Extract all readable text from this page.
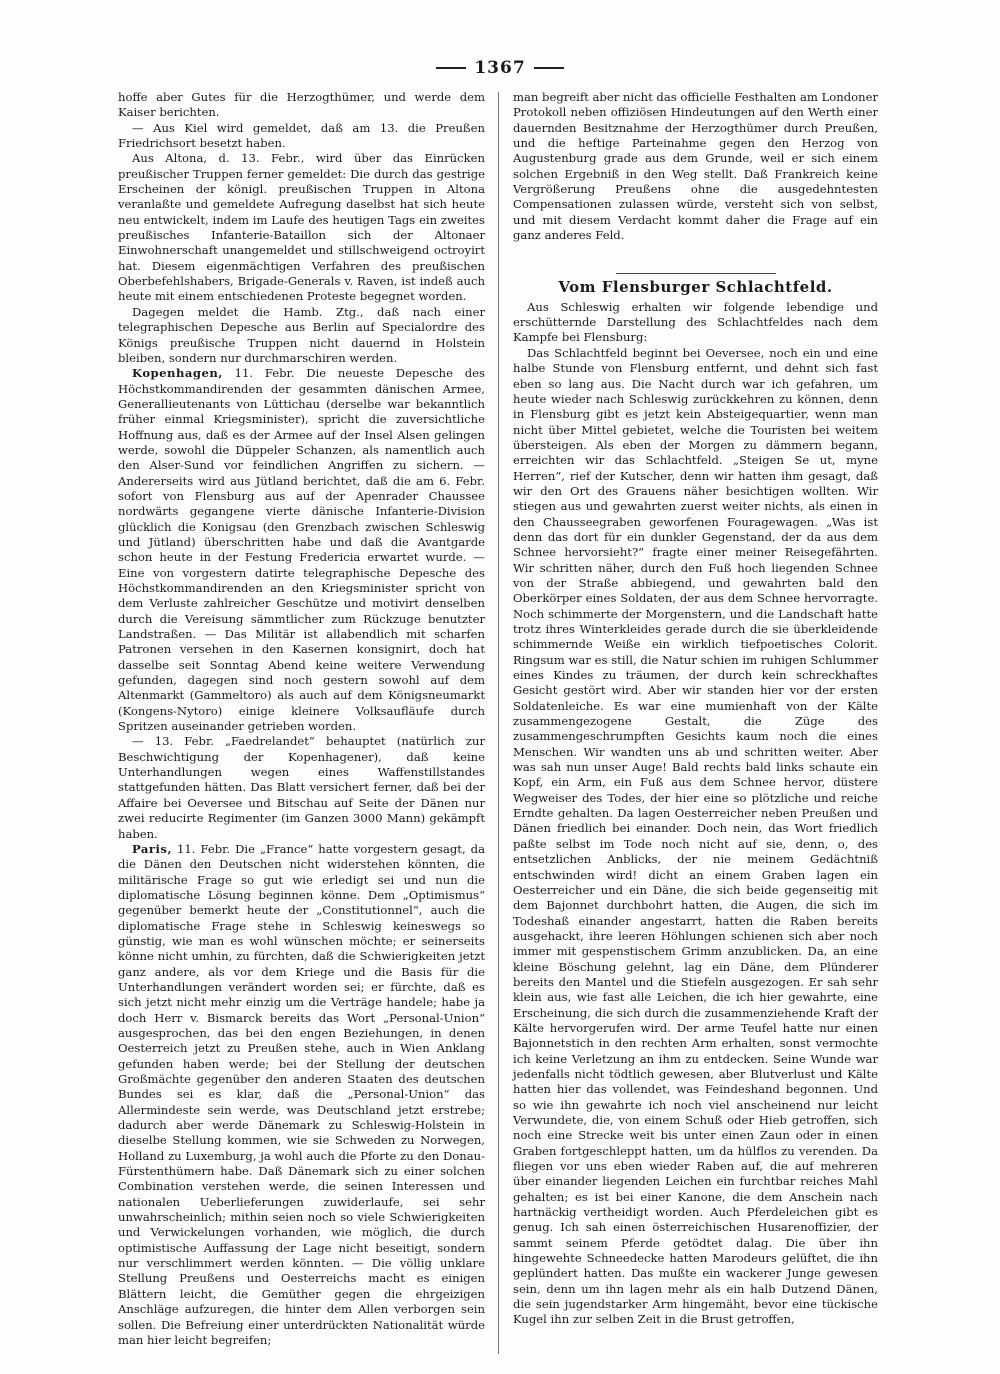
1367

hoffe aber Gutes für die Herzogthümer, und werde dem Kaiser berichten.

— Aus Kiel wird gemeldet, daß am 13. die Preußen Friedrichsort besetzt haben.

Aus Altona, d. 13. Febr., wird über das Einrücken preußischer Truppen ferner gemeldet: Die durch das gestrige Erscheinen der königl. preußischen Truppen in Altona veranlaßte und gemeldete Aufregung daselbst hat sich heute neu entwickelt, indem im Laufe des heutigen Tags ein zweites preußisches Infanterie-Bataillon sich der Altonaer Einwohnerschaft unangemeldet und stillschweigend octroyirt hat. Diesem eigenmächtigen Verfahren des preußischen Oberbefehlshabers, Brigade-Generals v. Raven, ist indeß auch heute mit einem entschiedenen Proteste begegnet worden.

Dagegen meldet die Hamb. Ztg., daß nach einer telegraphischen Depesche aus Berlin auf Specialordre des Königs preußische Truppen nicht dauernd in Holstein bleiben, sondern nur durchmarschiren werden.

Kopenhagen, 11. Febr. Die neueste Depesche des Höchstkommandirenden der gesammten dänischen Armee, Generallieutenants von Lüttichau (derselbe war bekanntlich früher einmal Kriegsminister), spricht die zuversichtliche Hoffnung aus, daß es der Armee auf der Insel Alsen gelingen werde, sowohl die Düppeler Schanzen, als namentlich auch den Alser-Sund vor feindlichen Angriffen zu sichern. — Andererseits wird aus Jütland berichtet, daß die am 6. Febr. sofort von Flensburg aus auf der Apenrader Chaussee nordwärts gegangene vierte dänische Infanterie-Division glücklich die Konigsau (den Grenzbach zwischen Schleswig und Jütland) überschritten habe und daß die Avantgarde schon heute in der Festung Fredericia erwartet wurde. — Eine von vorgestern datirte telegraphische Depesche des Höchstkommandirenden an den Kriegsminister spricht von dem Verluste zahlreicher Geschütze und motivirt denselben durch die Vereisung sämmtlicher zum Rückzuge benutzter Landstraßen. — Das Militär ist allabendlich mit scharfen Patronen versehen in den Kasernen konsignirt, doch hat dasselbe seit Sonntag Abend keine weitere Verwendung gefunden, dagegen sind noch gestern sowohl auf dem Altenmarkt (Gammeltoro) als auch auf dem Königsneumarkt (Kongens-Nytoro) einige kleinere Volksaufläufe durch Spritzen auseinander getrieben worden.

— 13. Febr. „Faedrelandet“ behauptet (natürlich zur Beschwichtigung der Kopenhagener), daß keine Unterhandlungen wegen eines Waffenstillstandes stattgefunden hätten. Das Blatt versichert ferner, daß bei der Affaire bei Oeversee und Bitschau auf Seite der Dänen nur zwei reducirte Regimenter (im Ganzen 3000 Mann) gekämpft haben.

Paris, 11. Febr. Die „France“ hatte vorgestern gesagt, da die Dänen den Deutschen nicht widerstehen könnten, die militärische Frage so gut wie erledigt sei und nun die diplomatische Lösung beginnen könne. Dem „Optimismus“ gegenüber bemerkt heute der „Constitutionnel“, auch die diplomatische Frage stehe in Schleswig keineswegs so günstig, wie man es wohl wünschen möchte; er seinerseits könne nicht umhin, zu fürchten, daß die Schwierigkeiten jetzt ganz andere, als vor dem Kriege und die Basis für die Unterhandlungen verändert worden sei; er fürchte, daß es sich jetzt nicht mehr einzig um die Verträge handele; habe ja doch Herr v. Bismarck bereits das Wort „Personal-Union“ ausgesprochen, das bei den engen Beziehungen, in denen Oesterreich jetzt zu Preußen stehe, auch in Wien Anklang gefunden haben werde; bei der Stellung der deutschen Großmächte gegenüber den anderen Staaten des deutschen Bundes sei es klar, daß die „Personal-Union“ das Allermindeste sein werde, was Deutschland jetzt erstrebe; dadurch aber werde Dänemark zu Schleswig-Holstein in dieselbe Stellung kommen, wie sie Schweden zu Norwegen, Holland zu Luxemburg, ja wohl auch die Pforte zu den Donau-Fürstenthümern habe. Daß Dänemark sich zu einer solchen Combination verstehen werde, die seinen Interessen und nationalen Ueberlieferungen zuwiderlaufe, sei sehr unwahrscheinlich; mithin seien noch so viele Schwierigkeiten und Verwickelungen vorhanden, wie möglich, die durch optimistische Auffassung der Lage nicht beseitigt, sondern nur verschlimmert werden könnten. — Die völlig unklare Stellung Preußens und Oesterreichs macht es einigen Blättern leicht, die Gemüther gegen die ehrgeizigen Anschläge aufzuregen, die hinter dem Allen verborgen sein sollen. Die Befreiung einer unterdrückten Nationalität würde man hier leicht begreifen;

man begreift aber nicht das officielle Festhalten am Londoner Protokoll neben offiziösen Hindeutungen auf den Werth einer dauernden Besitznahme der Herzogthümer durch Preußen, und die heftige Parteinahme gegen den Herzog von Augustenburg grade aus dem Grunde, weil er sich einem solchen Ergebniß in den Weg stellt. Daß Frankreich keine Vergrößerung Preußens ohne die ausgedehntesten Compensationen zulassen würde, versteht sich von selbst, und mit diesem Verdacht kommt daher die Frage auf ein ganz anderes Feld.

Vom Flensburger Schlachtfeld.

Aus Schleswig erhalten wir folgende lebendige und erschütternde Darstellung des Schlachtfeldes nach dem Kampfe bei Flensburg:

Das Schlachtfeld beginnt bei Oeversee, noch ein und eine halbe Stunde von Flensburg entfernt, und dehnt sich fast eben so lang aus. Die Nacht durch war ich gefahren, um heute wieder nach Schleswig zurückkehren zu können, denn in Flensburg gibt es jetzt kein Absteigequartier, wenn man nicht über Mittel gebietet, welche die Touristen bei weitem übersteigen. Als eben der Morgen zu dämmern begann, erreichten wir das Schlachtfeld. „Steigen Se ut, myne Herren“, rief der Kutscher, denn wir hatten ihm gesagt, daß wir den Ort des Grauens näher besichtigen wollten. Wir stiegen aus und gewahrten zuerst weiter nichts, als einen in den Chausseegraben geworfenen Fouragewagen. „Was ist denn das dort für ein dunkler Gegenstand, der da aus dem Schnee hervorsieht?“ fragte einer meiner Reisegefährten. Wir schritten näher, durch den Fuß hoch liegenden Schnee von der Straße abbiegend, und gewahrten bald den Oberkörper eines Soldaten, der aus dem Schnee hervorragte. Noch schimmerte der Morgenstern, und die Landschaft hatte trotz ihres Winterkleides gerade durch die sie überkleidende schimmernde Weiße ein wirklich tiefpoetisches Colorit. Ringsum war es still, die Natur schien im ruhigen Schlummer eines Kindes zu träumen, der durch kein schreckhaftes Gesicht gestört wird. Aber wir standen hier vor der ersten Soldatenleiche. Es war eine mumienhaft von der Kälte zusammengezogene Gestalt, die Züge des zusammengeschrumpften Gesichts kaum noch die eines Menschen. Wir wandten uns ab und schritten weiter. Aber was sah nun unser Auge! Bald rechts bald links schaute ein Kopf, ein Arm, ein Fuß aus dem Schnee hervor, düstere Wegweiser des Todes, der hier eine so plötzliche und reiche Erndte gehalten. Da lagen Oesterreicher neben Preußen und Dänen friedlich bei einander. Doch nein, das Wort friedlich paßte selbst im Tode noch nicht auf sie, denn, o, des entsetzlichen Anblicks, der nie meinem Gedächtniß entschwinden wird! dicht an einem Graben lagen ein Oesterreicher und ein Däne, die sich beide gegenseitig mit dem Bajonnet durchbohrt hatten, die Augen, die sich im Todeshaß einander angestarrt, hatten die Raben bereits ausgehackt, ihre leeren Höhlungen schienen sich aber noch immer mit gespenstischem Grimm anzublicken. Da, an eine kleine Böschung gelehnt, lag ein Däne, dem Plünderer bereits den Mantel und die Stiefeln ausgezogen. Er sah sehr klein aus, wie fast alle Leichen, die ich hier gewahrte, eine Erscheinung, die sich durch die zusammenziehende Kraft der Kälte hervorgerufen wird. Der arme Teufel hatte nur einen Bajonnetstich in den rechten Arm erhalten, sonst vermochte ich keine Verletzung an ihm zu entdecken. Seine Wunde war jedenfalls nicht tödtlich gewesen, aber Blutverlust und Kälte hatten hier das vollendet, was Feindeshand begonnen. Und so wie ihn gewahrte ich noch viel anscheinend nur leicht Verwundete, die, von einem Schuß oder Hieb getroffen, sich noch eine Strecke weit bis unter einen Zaun oder in einen Graben fortgeschleppt hatten, um da hülflos zu verenden. Da fliegen vor uns eben wieder Raben auf, die auf mehreren über einander liegenden Leichen ein furchtbar reiches Mahl gehalten; es ist bei einer Kanone, die dem Anschein nach hartnäckig vertheidigt worden. Auch Pferdeleichen gibt es genug. Ich sah einen österreichischen Husarenoffizier, der sammt seinem Pferde getödtet dalag. Die über ihn hingewehte Schneedecke hatten Marodeurs gelüftet, die ihn geplündert hatten. Das mußte ein wackerer Junge gewesen sein, denn um ihn lagen mehr als ein halb Dutzend Dänen, die sein jugendstarker Arm hingemäht, bevor eine tückische Kugel ihn zur selben Zeit in die Brust getroffen,
